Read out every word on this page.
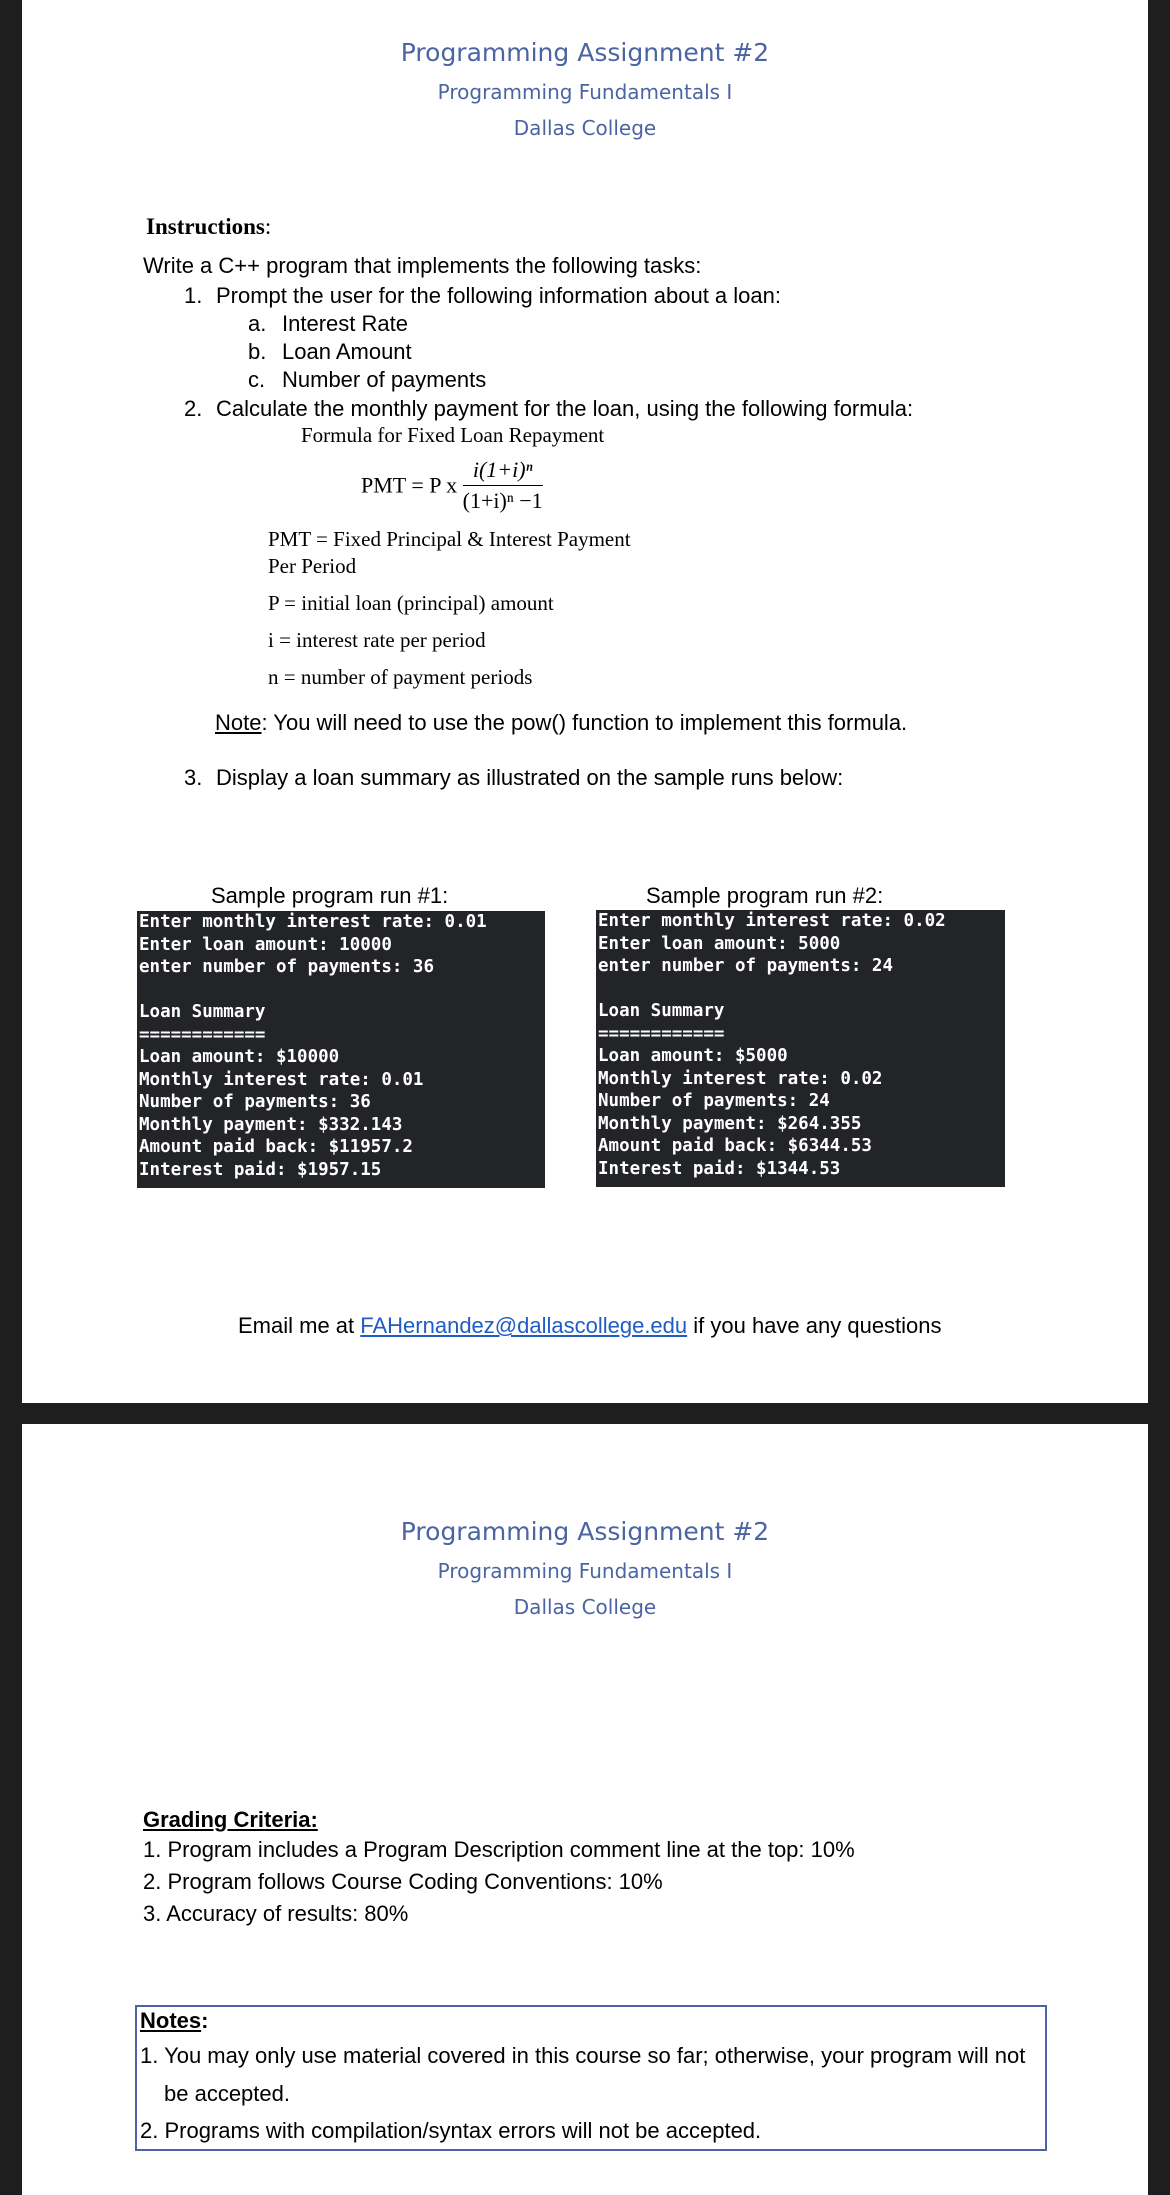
Programming Assignment #2
Programming Fundamentals I
Dallas College
Instructions:
Write a C++ program that implements the following tasks:
1. Prompt the user for the following information about a loan:
a. Interest Rate
b. Loan Amount
c. Number of payments
2. Calculate the monthly payment for the loan, using the following formula:
Formula for Fixed Loan Repayment
PMT = P x $\frac{\text{i(1+i)ⁿ}}{\text{(1+i)ⁿ −1}}$
PMT = Fixed Principal & Interest Payment
Per Period
P = initial loan (principal) amount
i = interest rate per period
n = number of payment periods
Note: You will need to use the pow() function to implement this formula.
3. Display a loan summary as illustrated on the sample runs below:
Sample program run #1:
Enter monthly interest rate: 0.01
Enter loan amount: 10000
enter number of payments: 36
Loan Summary
============
Loan amount: $10000
Monthly interest rate: 0.01
Number of payments: 36
Monthly payment: $332.143
Amount paid back: $11957.2
Interest paid: $1957.15
Sample program run #2:
Enter monthly interest rate: 0.02
Enter loan amount: 5000
enter number of payments: 24
Loan Summary
============
Loan amount: $5000
Monthly interest rate: 0.02
Number of payments: 24
Monthly payment: $264.355
Amount paid back: $6344.53
Interest paid: $1344.53
Email me at FAHernandez@dallascollege.edu if you have any questions
Programming Assignment #2
Programming Fundamentals I
Dallas College
Grading Criteria:
1. Program includes a Program Description comment line at the top: 10%
2. Program follows Course Coding Conventions: 10%
3. Accuracy of results: 80%
Notes:
1. You may only use material covered in this course so far; otherwise, your program will not
be accepted.
2. Programs with compilation/syntax errors will not be accepted.
